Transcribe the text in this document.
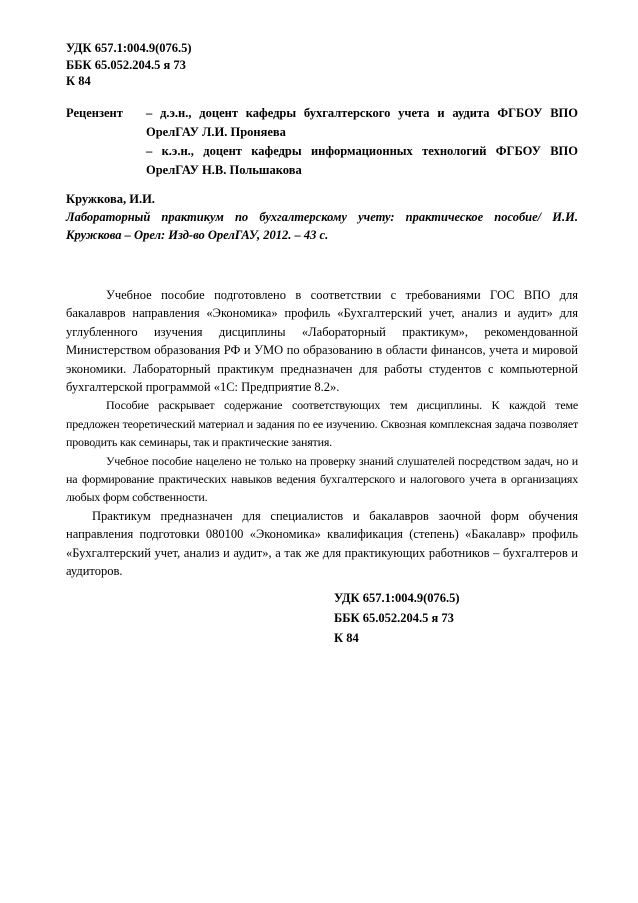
УДК 657.1:004.9(076.5)
ББК 65.052.204.5 я 73
К 84
Рецензент	– д.э.н., доцент кафедры бухгалтерского учета и аудита ФГБОУ ВПО ОрелГАУ Л.И. Проняева
– к.э.н., доцент кафедры информационных технологий ФГБОУ ВПО ОрелГАУ Н.В. Польшакова
Кружкова, И.И.
Лабораторный практикум по бухгалтерскому учету: практическое пособие/ И.И. Кружкова – Орел: Изд-во ОрелГАУ, 2012. – 43 с.

Учебное пособие подготовлено в соответствии с требованиями ГОС ВПО для бакалавров направления «Экономика» профиль «Бухгалтерский учет, анализ и аудит» для углубленного изучения дисциплины «Лабораторный практикум», рекомендованной Министерством образования РФ и УМО по образованию в области финансов, учета и мировой экономики. Лабораторный практикум предназначен для работы студентов с компьютерной бухгалтерской программой «1С: Предприятие 8.2».

Пособие раскрывает содержание соответствующих тем дисциплины. К каждой теме предложен теоретический материал и задания по ее изучению. Сквозная комплексная задача позволяет проводить как семинары, так и практические занятия.

Учебное пособие нацелено не только на проверку знаний слушателей посредством задач, но и на формирование практических навыков ведения бухгалтерского и налогового учета в организациях любых форм собственности.

Практикум предназначен для специалистов и бакалавров заочной форм обучения направления подготовки 080100 «Экономика» квалификация (степень) «Бакалавр» профиль «Бухгалтерский учет, анализ и аудит», а так же для практикующих работников – бухгалтеров и аудиторов.

УДК 657.1:004.9(076.5)
ББК 65.052.204.5 я 73
К 84
